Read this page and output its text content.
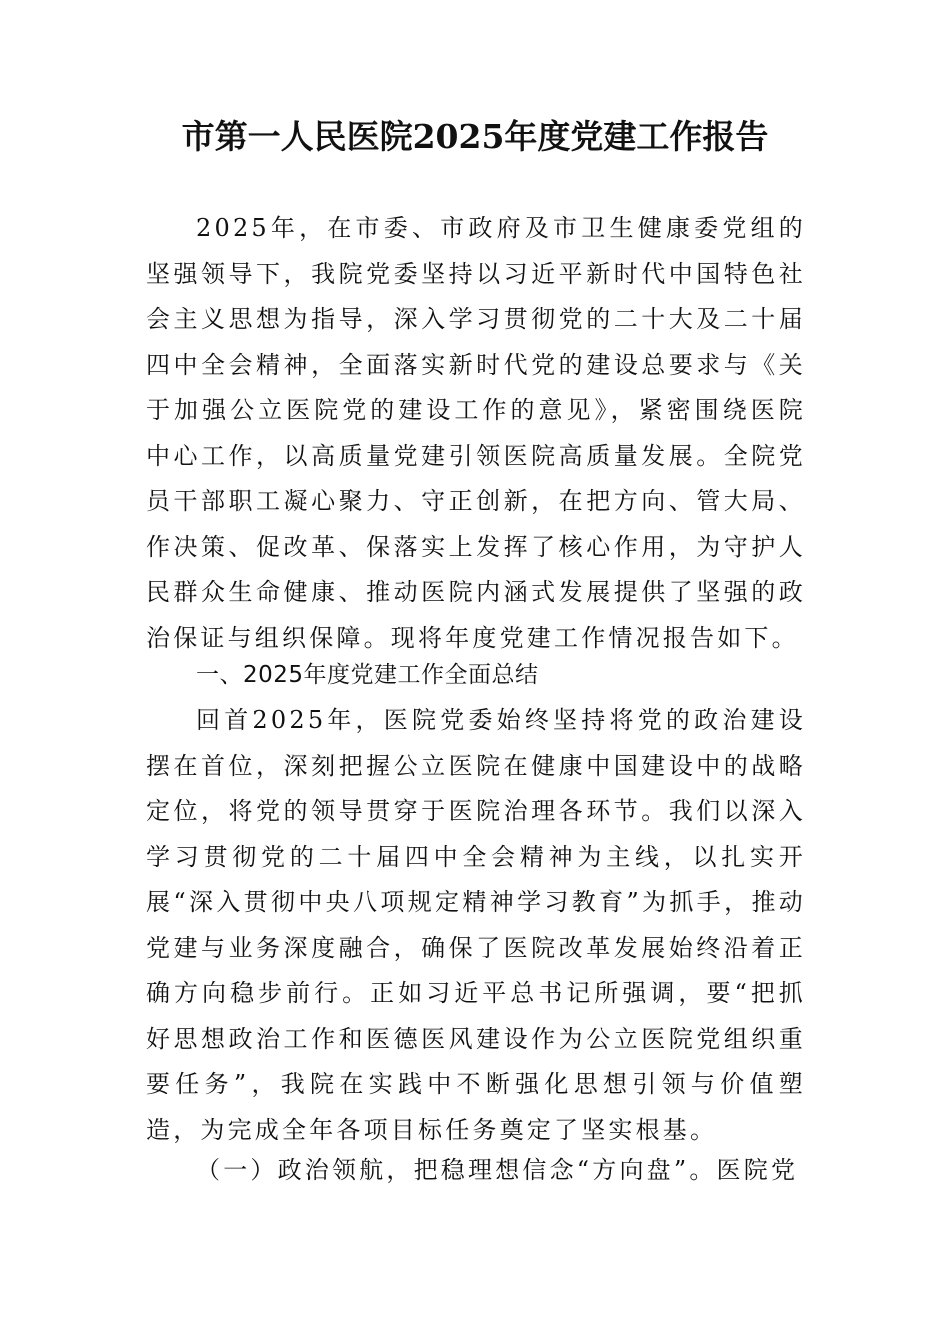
市第一人民医院2025年度党建工作报告

2025年，在市委、市政府及市卫生健康委党组的坚强领导下，我院党委坚持以习近平新时代中国特色社会主义思想为指导，深入学习贯彻党的二十大及二十届四中全会精神，全面落实新时代党的建设总要求与《关于加强公立医院党的建设工作的意见》，紧密围绕医院中心工作，以高质量党建引领医院高质量发展。全院党员干部职工凝心聚力、守正创新，在把方向、管大局、作决策、促改革、保落实上发挥了核心作用，为守护人民群众生命健康、推动医院内涵式发展提供了坚强的政治保证与组织保障。现将年度党建工作情况报告如下。

一、2025年度党建工作全面总结

回首2025年，医院党委始终坚持将党的政治建设摆在首位，深刻把握公立医院在健康中国建设中的战略定位，将党的领导贯穿于医院治理各环节。我们以深入学习贯彻党的二十届四中全会精神为主线，以扎实开展“深入贯彻中央八项规定精神学习教育”为抓手，推动党建与业务深度融合，确保了医院改革发展始终沿着正确方向稳步前行。正如习近平总书记所强调，要“把抓好思想政治工作和医德医风建设作为公立医院党组织重要任务”，我院在实践中不断强化思想引领与价值塑造，为完成全年各项目标任务奠定了坚实根基。

（一）政治领航，把稳理想信念“方向盘”。医院党
